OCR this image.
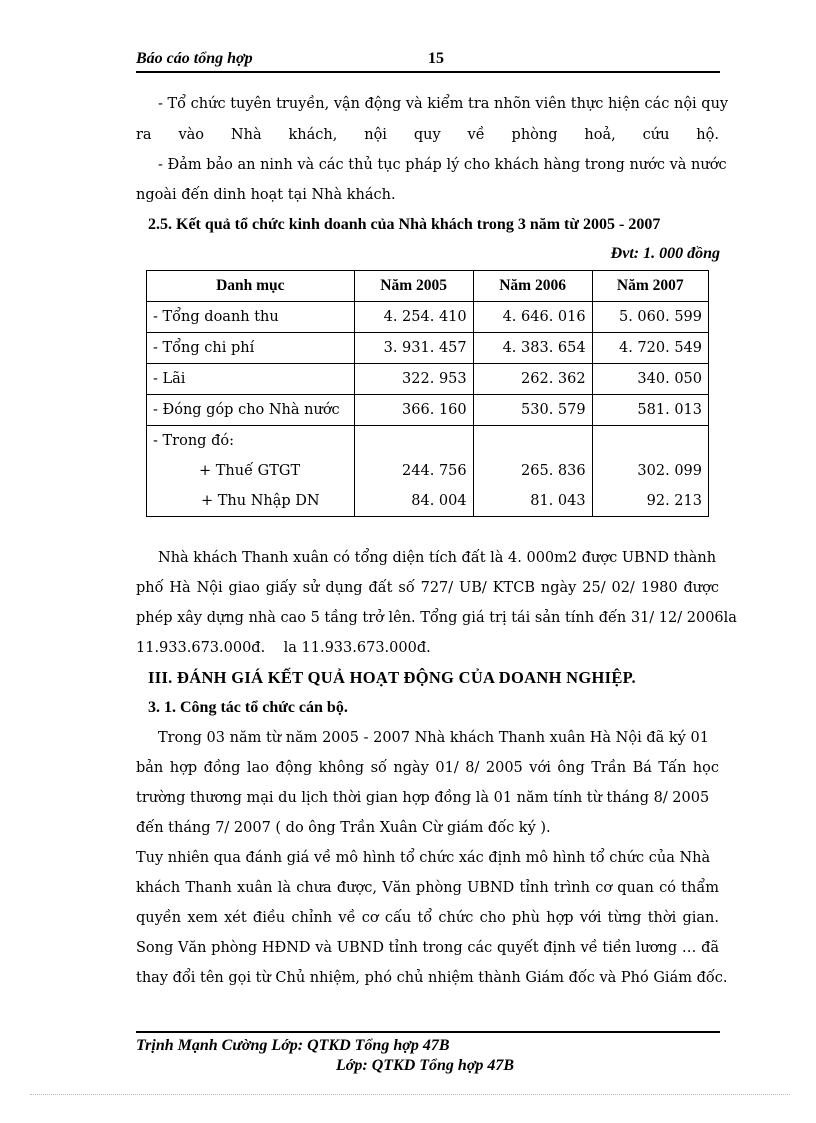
Báo cáo tổng hợp	15
- Tổ chức tuyên truyền, vận động và kiểm tra nhõn viên thực hiện các nội quy
ra vào Nhà khách, nội quy về phòng hoả, cứu hộ.
- Đảm bảo an ninh và các thủ tục pháp lý cho khách hàng trong nước và nước
ngoài đến dinh hoạt tại Nhà khách.
2.5. Kết quả tổ chức kinh doanh của Nhà khách trong 3 năm từ 2005 - 2007
Đvt: 1. 000 đồng
Danh mục	Năm 2005	Năm 2006	Năm 2007
- Tổng doanh thu	4. 254. 410	4. 646. 016	5. 060. 599
- Tổng chi phí	3. 931. 457	4. 383. 654	4. 720. 549
- Lãi	322. 953	262. 362	340. 050
- Đóng góp cho Nhà nước	366. 160	530. 579	581. 013
- Trong đó:			
+ Thuế GTGT	244. 756	265. 836	302. 099
+ Thu Nhập DN	84. 004	81. 043	92. 213
Nhà khách Thanh xuân có tổng diện tích đất là 4. 000m2 được UBND thành
phố Hà Nội giao giấy sử dụng đất số 727/ UB/ KTCB ngày 25/ 02/ 1980 được
phép xây dựng nhà cao 5 tầng trở lên. Tổng giá trị tái sản tính đến 31/ 12/ 2006la
11.933.673.000đ.    la 11.933.673.000đ.
III. ĐÁNH GIÁ KẾT QUẢ HOẠT ĐỘNG CỦA DOANH NGHIỆP.
3. 1. Công tác tổ chức cán bộ.
Trong 03 năm từ năm 2005 - 2007 Nhà khách Thanh xuân Hà Nội đã ký 01
bản hợp đồng lao động không số ngày 01/ 8/ 2005 với ông Trần Bá Tấn học
trường thương mại du lịch thời gian hợp đồng là 01 năm tính từ tháng 8/ 2005
đến tháng 7/ 2007 ( do ông Trần Xuân Cừ giám đốc ký ).
Tuy nhiên qua đánh giá về mô hình tổ chức xác định mô hình tổ chức của Nhà
khách Thanh xuân là chưa được, Văn phòng UBND tỉnh trình cơ quan có thẩm
quyền xem xét điều chỉnh về cơ cấu tổ chức cho phù hợp với từng thời gian.
Song Văn phòng HĐND và UBND tỉnh trong các quyết định về tiền lương … đã
thay đổi tên gọi từ Chủ nhiệm, phó chủ nhiệm thành Giám đốc và Phó Giám đốc.
Trịnh Mạnh Cường Lớp: QTKD Tổng hợp 47B
Lớp: QTKD Tổng hợp 47B
